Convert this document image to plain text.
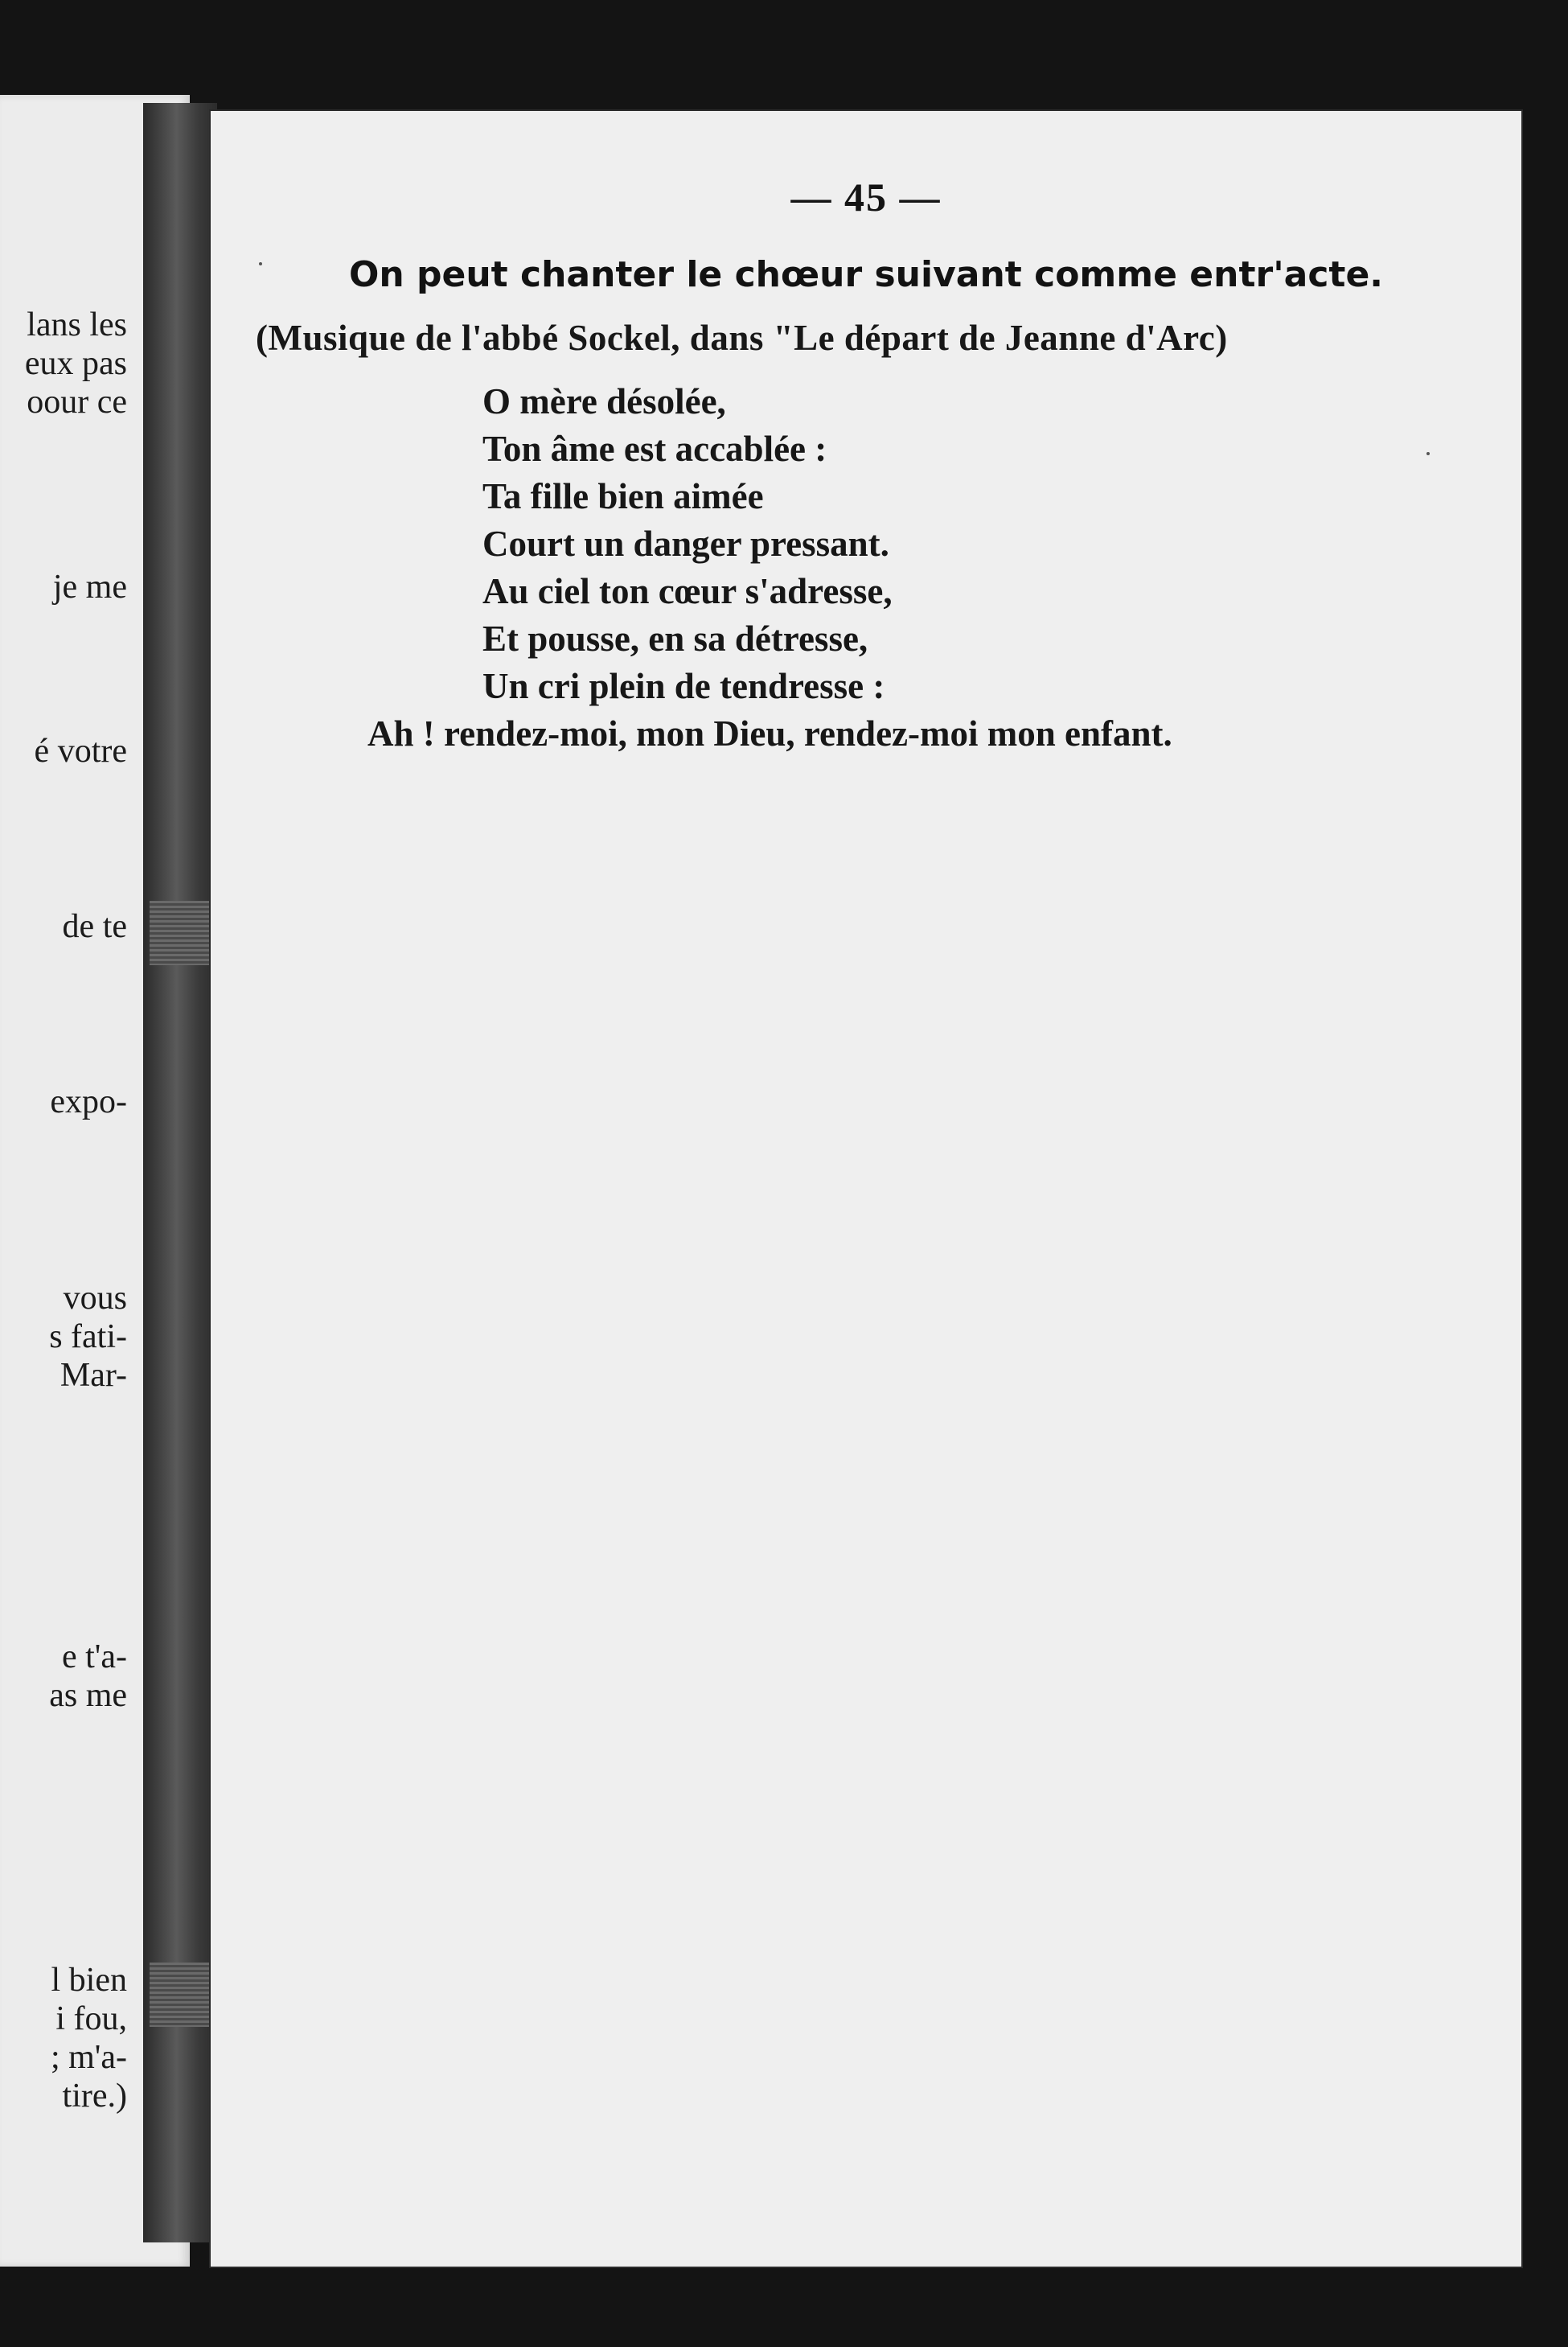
lans les
eux pas
oour ce
je me
é votre
de te
expo-
vous
s fati-
Mar-
e t'a-
as me
l bien
i fou,
; m'a-
tire.)
— 45 —
On peut chanter le chœur suivant comme entr'acte.
(Musique de l'abbé Sockel, dans "Le départ de Jeanne d'Arc)
O mère désolée,
Ton âme est accablée :
Ta fille bien aimée
Court un danger pressant.
Au ciel ton cœur s'adresse,
Et pousse, en sa détresse,
Un cri plein de tendresse :
Ah ! rendez-moi, mon Dieu, rendez-moi mon enfant.
